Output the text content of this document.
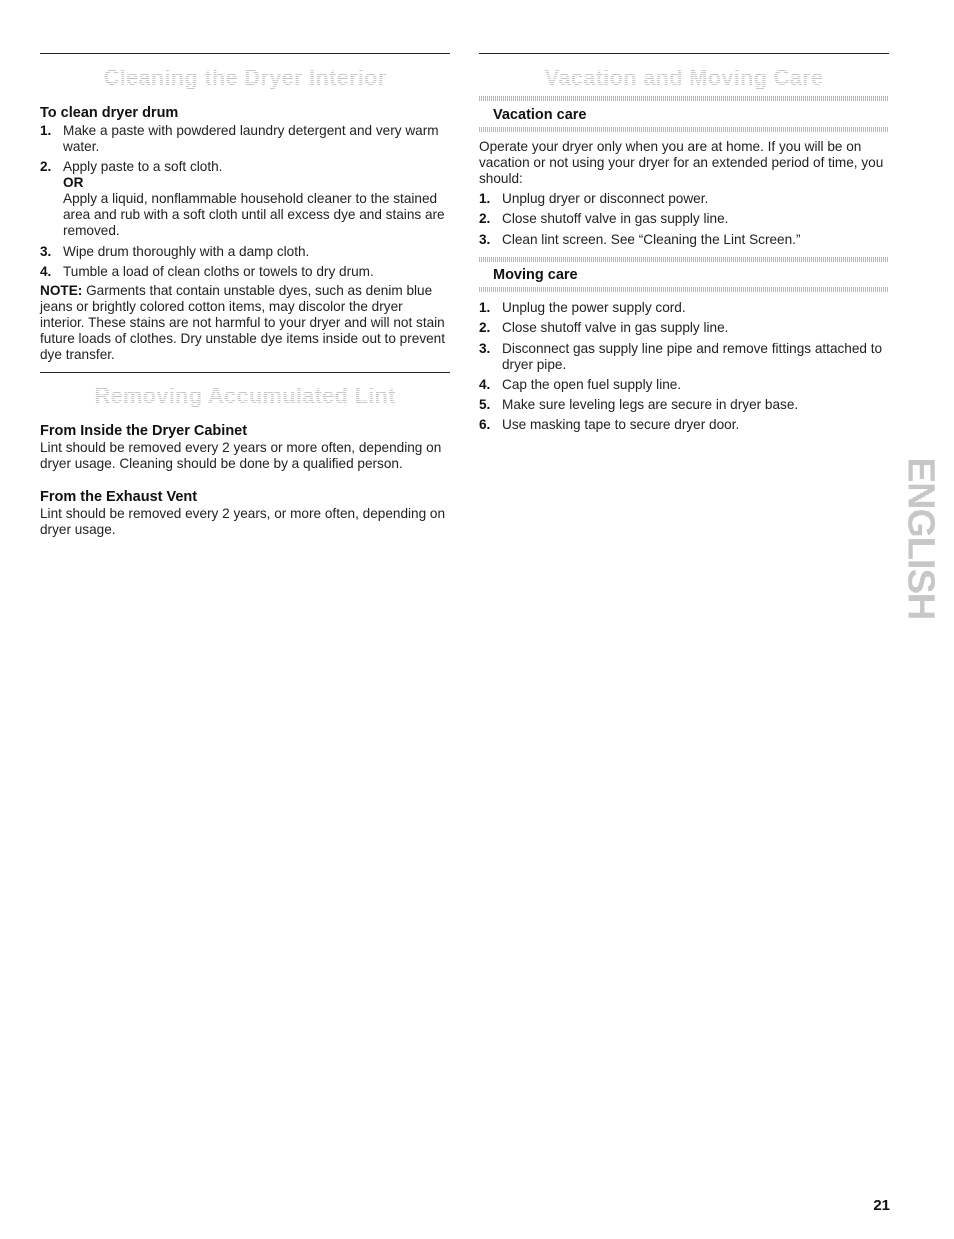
Cleaning the Dryer Interior
To clean dryer drum
1. Make a paste with powdered laundry detergent and very warm water.
2. Apply paste to a soft cloth.
OR
Apply a liquid, nonflammable household cleaner to the stained area and rub with a soft cloth until all excess dye and stains are removed.
3. Wipe drum thoroughly with a damp cloth.
4. Tumble a load of clean cloths or towels to dry drum.

NOTE: Garments that contain unstable dyes, such as denim blue jeans or brightly colored cotton items, may discolor the dryer interior. These stains are not harmful to your dryer and will not stain future loads of clothes. Dry unstable dye items inside out to prevent dye transfer.

Removing Accumulated Lint
From Inside the Dryer Cabinet

Lint should be removed every 2 years or more often, depending on dryer usage. Cleaning should be done by a qualified person.

From the Exhaust Vent

Lint should be removed every 2 years, or more often, depending on dryer usage.

Vacation and Moving Care
Vacation care

Operate your dryer only when you are at home. If you will be on vacation or not using your dryer for an extended period of time, you should:

1. Unplug dryer or disconnect power.
2. Close shutoff valve in gas supply line.
3. Clean lint screen. See “Cleaning the Lint Screen.”
Moving care
1. Unplug the power supply cord.
2. Close shutoff valve in gas supply line.
3. Disconnect gas supply line pipe and remove fittings attached to dryer pipe.
4. Cap the open fuel supply line.
5. Make sure leveling legs are secure in dryer base.
6. Use masking tape to secure dryer door.
ENGLISH
21
